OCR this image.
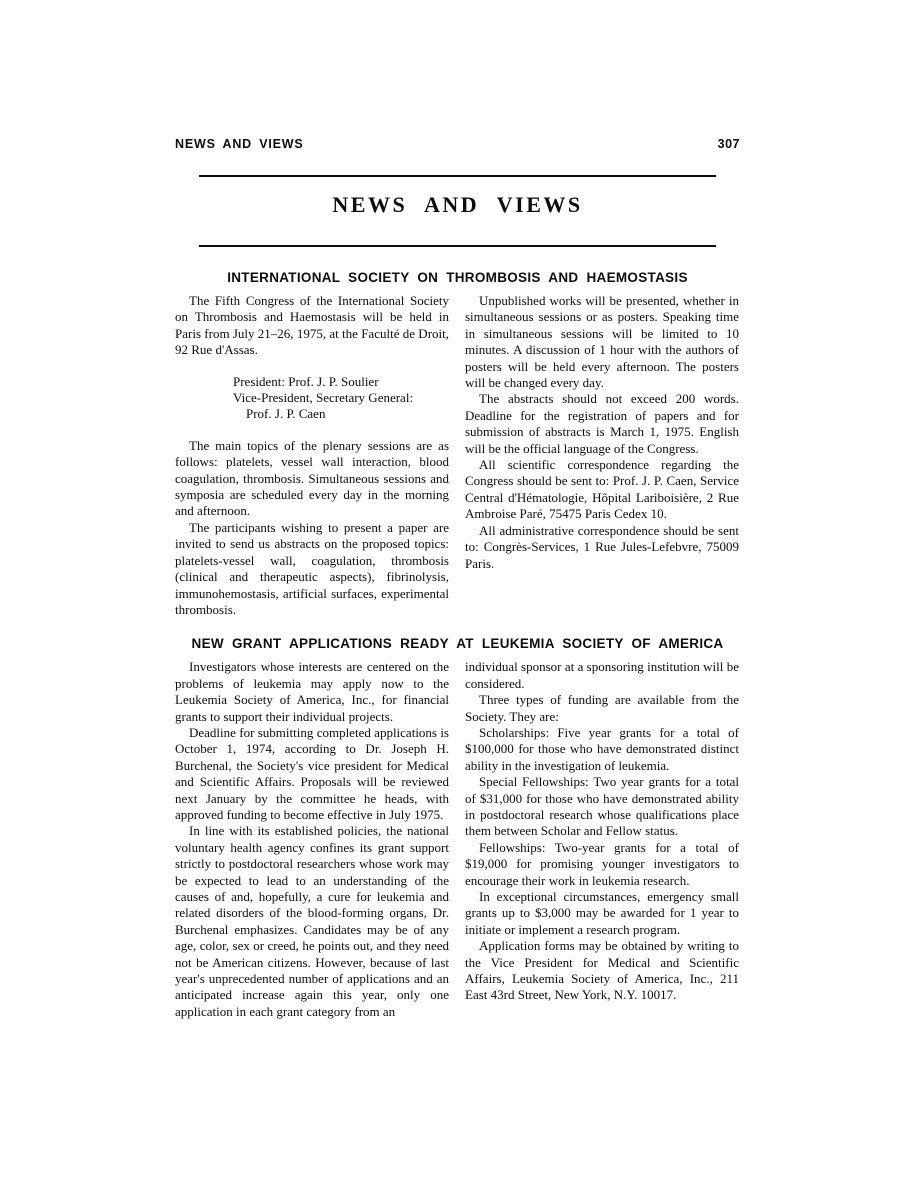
NEWS AND VIEWS	307
NEWS AND VIEWS
INTERNATIONAL SOCIETY ON THROMBOSIS AND HAEMOSTASIS

The Fifth Congress of the International Society on Thrombosis and Haemostasis will be held in Paris from July 21–26, 1975, at the Faculté de Droit, 92 Rue d'Assas.

President: Prof. J. P. Soulier
Vice-President, Secretary General:
Prof. J. P. Caen

The main topics of the plenary sessions are as follows: platelets, vessel wall interaction, blood coagulation, thrombosis. Simultaneous sessions and symposia are scheduled every day in the morning and afternoon.

The participants wishing to present a paper are invited to send us abstracts on the proposed topics: platelets-vessel wall, coagulation, thrombosis (clinical and therapeutic aspects), fibrinolysis, immunohemostasis, artificial surfaces, experimental thrombosis.

Unpublished works will be presented, whether in simultaneous sessions or as posters. Speaking time in simultaneous sessions will be limited to 10 minutes. A discussion of 1 hour with the authors of posters will be held every afternoon. The posters will be changed every day.

The abstracts should not exceed 200 words. Deadline for the registration of papers and for submission of abstracts is March 1, 1975. English will be the official language of the Congress.

All scientific correspondence regarding the Congress should be sent to: Prof. J. P. Caen, Service Central d'Hématologie, Hôpital Lariboisière, 2 Rue Ambroise Paré, 75475 Paris Cedex 10.

All administrative correspondence should be sent to: Congrès-Services, 1 Rue Jules-Lefebvre, 75009 Paris.

NEW GRANT APPLICATIONS READY AT LEUKEMIA SOCIETY OF AMERICA

Investigators whose interests are centered on the problems of leukemia may apply now to the Leukemia Society of America, Inc., for financial grants to support their individual projects.

Deadline for submitting completed applications is October 1, 1974, according to Dr. Joseph H. Burchenal, the Society's vice president for Medical and Scientific Affairs. Proposals will be reviewed next January by the committee he heads, with approved funding to become effective in July 1975.

In line with its established policies, the national voluntary health agency confines its grant support strictly to postdoctoral researchers whose work may be expected to lead to an understanding of the causes of and, hopefully, a cure for leukemia and related disorders of the blood-forming organs, Dr. Burchenal emphasizes. Candidates may be of any age, color, sex or creed, he points out, and they need not be American citizens. However, because of last year's unprecedented number of applications and an anticipated increase again this year, only one application in each grant category from an

individual sponsor at a sponsoring institution will be considered.

Three types of funding are available from the Society. They are:

Scholarships: Five year grants for a total of $100,000 for those who have demonstrated distinct ability in the investigation of leukemia.

Special Fellowships: Two year grants for a total of $31,000 for those who have demonstrated ability in postdoctoral research whose qualifications place them between Scholar and Fellow status.

Fellowships: Two-year grants for a total of $19,000 for promising younger investigators to encourage their work in leukemia research.

In exceptional circumstances, emergency small grants up to $3,000 may be awarded for 1 year to initiate or implement a research program.

Application forms may be obtained by writing to the Vice President for Medical and Scientific Affairs, Leukemia Society of America, Inc., 211 East 43rd Street, New York, N.Y. 10017.
